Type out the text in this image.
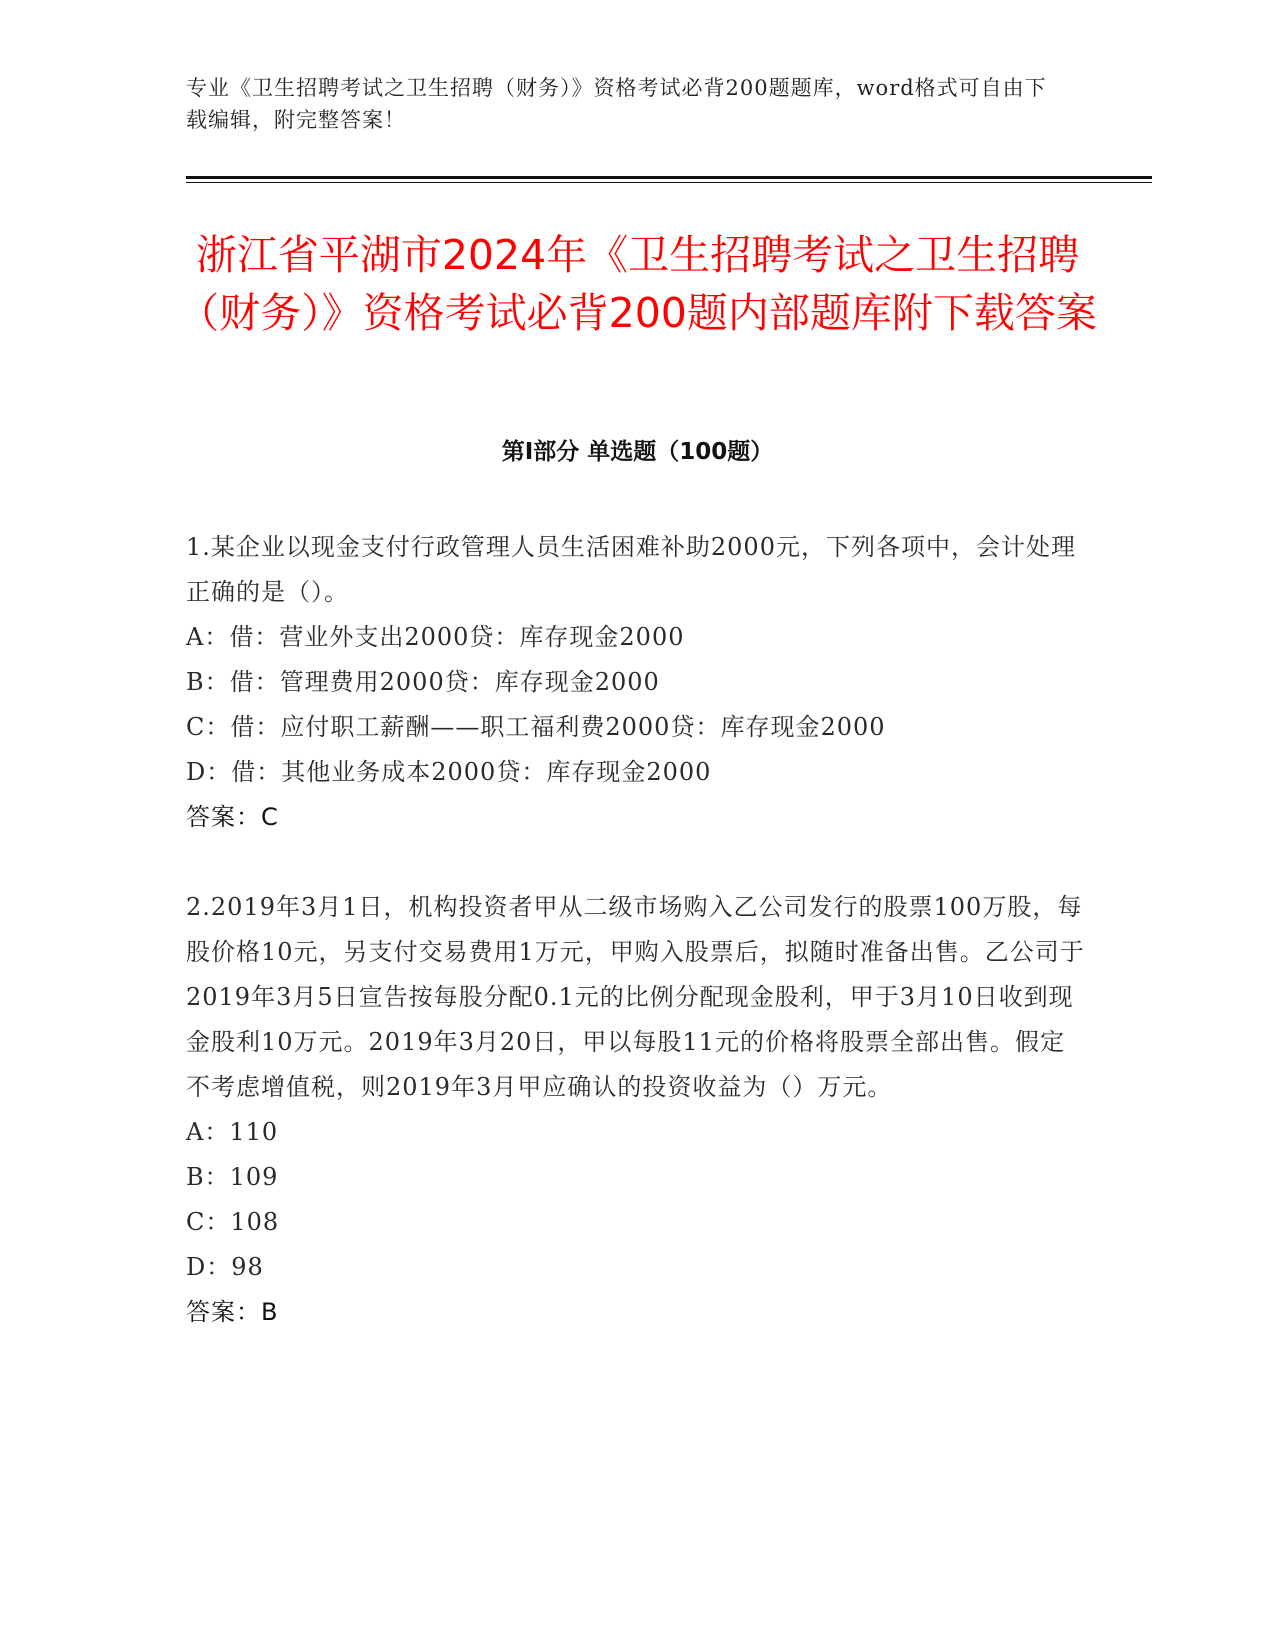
专业《卫生招聘考试之卫生招聘（财务）》资格考试必背200题题库，word格式可自由下载编辑，附完整答案！
浙江省平湖市2024年《卫生招聘考试之卫生招聘（财务）》资格考试必背200题内部题库附下载答案
第I部分 单选题（100题）
1.某企业以现金支付行政管理人员生活困难补助2000元，下列各项中，会计处理正确的是（）。
A：借：营业外支出2000贷：库存现金2000
B：借：管理费用2000贷：库存现金2000
C：借：应付职工薪酬——职工福利费2000贷：库存现金2000
D：借：其他业务成本2000贷：库存现金2000
答案：C
2.2019年3月1日，机构投资者甲从二级市场购入乙公司发行的股票100万股，每股价格10元，另支付交易费用1万元，甲购入股票后，拟随时准备出售。乙公司于2019年3月5日宣告按每股分配0.1元的比例分配现金股利，甲于3月10日收到现金股利10万元。2019年3月20日，甲以每股11元的价格将股票全部出售。假定不考虑增值税，则2019年3月甲应确认的投资收益为（）万元。
A：110
B：109
C：108
D：98
答案：B
